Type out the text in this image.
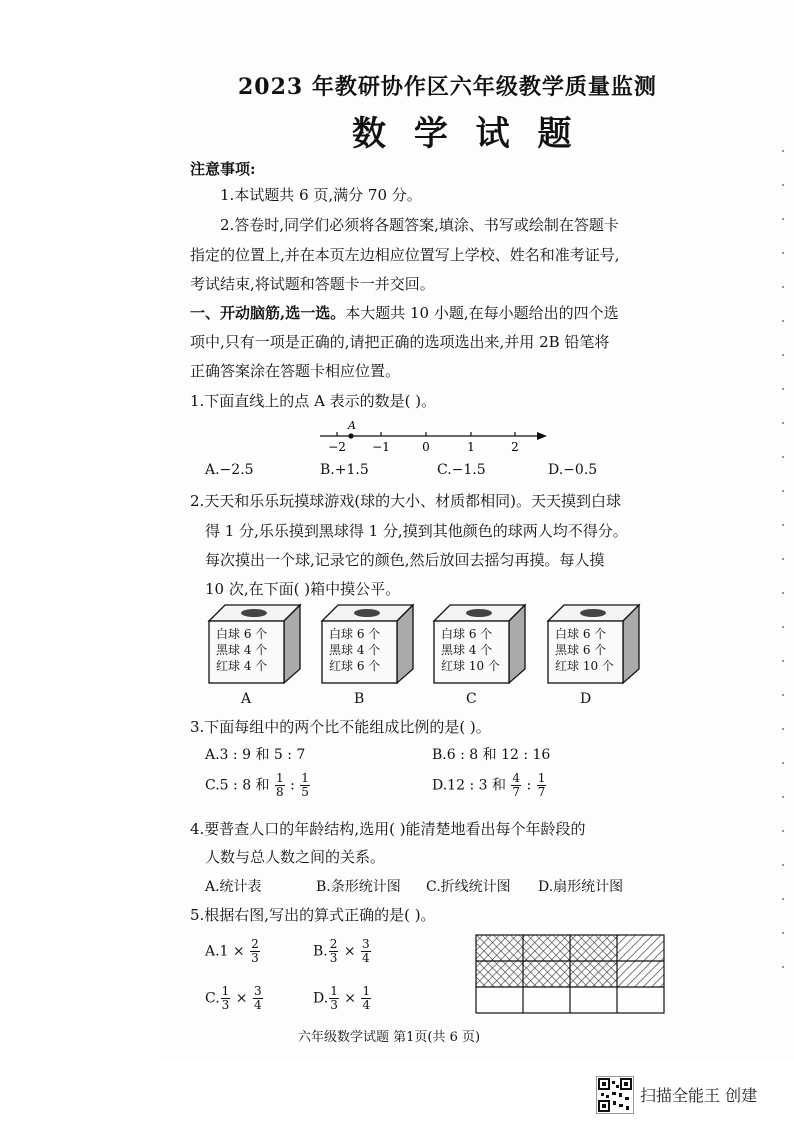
2023 年教研协作区六年级教学质量监测
数 学 试 题
注意事项:
1.本试题共 6 页,满分 70 分。
2.答卷时,同学们必须将各题答案,填涂、书写或绘制在答题卡
指定的位置上,并在本页左边相应位置写上学校、姓名和准考证号,
考试结束,将试题和答题卡一并交回。
一、开动脑筋,选一选。本大题共 10 小题,在每小题给出的四个选
项中,只有一项是正确的,请把正确的选项选出来,并用 2B 铅笔将
正确答案涂在答题卡相应位置。
1.下面直线上的点 A 表示的数是( )。
−2 −1	0	1	2
A
A.−2.5	B.+1.5	C.−1.5	D.−0.5
2.天天和乐乐玩摸球游戏(球的大小、材质都相同)。天天摸到白球
得 1 分,乐乐摸到黑球得 1 分,摸到其他颜色的球两人均不得分。
每次摸出一个球,记录它的颜色,然后放回去摇匀再摸。每人摸
10 次,在下面( )箱中摸公平。
白球 6 个
黑球 4 个
红球 4 个
A
白球 6 个
黑球 4 个
红球 6 个
B
白球 6 个
黑球 4 个
红球 10 个
C
白球 6 个
黑球 6 个
红球 10 个
D
3.下面每组中的两个比不能组成比例的是( )。
A.3 : 9 和 5 : 7	B.6 : 8 和 12 : 16
C.5 : 8 和 $\frac{1}{8}$ : $\frac{1}{5}$	D.12 : 3 和 $\frac{4}{7}$ : $\frac{1}{7}$
4.要普查人口的年龄结构,选用( )能清楚地看出每个年龄段的
人数与总人数之间的关系。
A.统计表	B.条形统计图 C.折线统计图 D.扇形统计图
5.根据右图,写出的算式正确的是( )。
$A.1 \times \frac{2}{3}$	B. $\frac{2}{3} \times \frac{3}{4}$
C. $\frac{1}{3} \times \frac{3}{4}$	D. $\frac{1}{3} \times \frac{1}{4}$
六年级数学试题 第1页(共 6 页)
扫描全能王 创建
